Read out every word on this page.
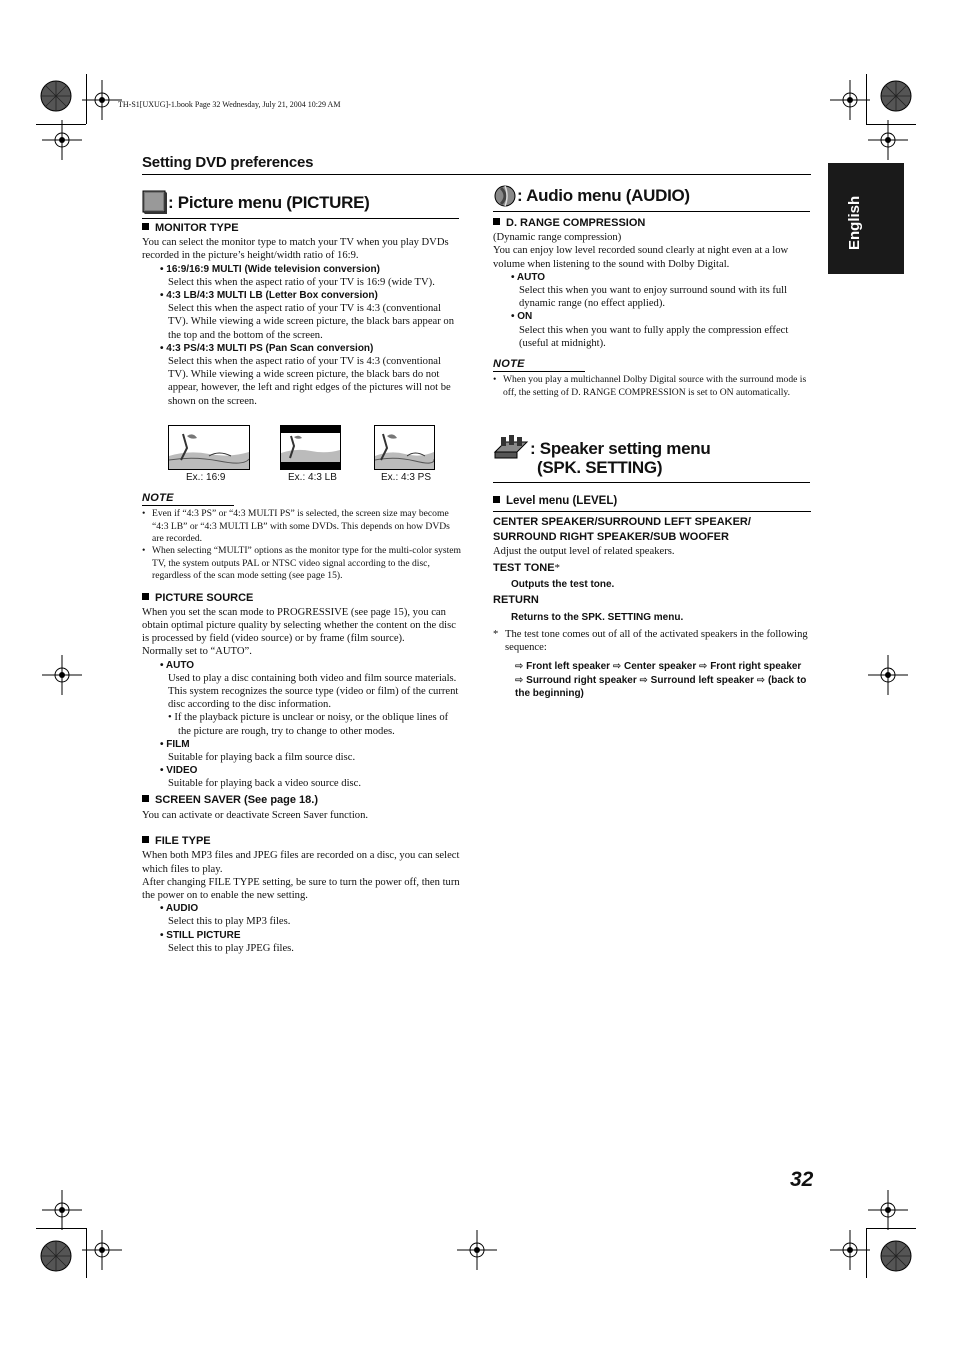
TH-S1[UXUG]-1.book Page 32 Wednesday, July 21, 2004 10:29 AM
Setting DVD preferences
English
: Picture menu (PICTURE)

MONITOR TYPE

You can select the monitor type to match your TV when you play DVDs recorded in the picture’s height/width ratio of 16:9.

• 16:9/16:9 MULTI (Wide television conversion)

Select this when the aspect ratio of your TV is 16:9 (wide TV).

• 4:3 LB/4:3 MULTI LB (Letter Box conversion)

Select this when the aspect ratio of your TV is 4:3 (conventional TV). While viewing a wide screen picture, the black bars appear on the top and the bottom of the screen.

• 4:3 PS/4:3 MULTI PS (Pan Scan conversion)

Select this when the aspect ratio of your TV is 4:3 (conventional TV). While viewing a wide screen picture, the black bars do not appear, however, the left and right edges of the pictures will not be shown on the screen.

Ex.: 16:9	Ex.: 4:3 LB	Ex.: 4:3 PS

NOTE

• Even if “4:3 PS” or “4:3 MULTI PS” is selected, the screen size may become “4:3 LB” or “4:3 MULTI LB” with some DVDs. This depends on how DVDs are recorded.

• When selecting “MULTI” options as the monitor type for the multi-color system TV, the system outputs PAL or NTSC video signal according to the disc, regardless of the scan mode setting (see page 15).

PICTURE SOURCE

When you set the scan mode to PROGRESSIVE (see page 15), you can obtain optimal picture quality by selecting whether the content on the disc is processed by field (video source) or by frame (film source).

Normally set to “AUTO”.

• AUTO

Used to play a disc containing both video and film source materials.

This system recognizes the source type (video or film) of the current disc according to the disc information.

• If the playback picture is unclear or noisy, or the oblique lines of the picture are rough, try to change to other modes.

• FILM

Suitable for playing back a film source disc.

• VIDEO

Suitable for playing back a video source disc.

SCREEN SAVER (See page 18.)

You can activate or deactivate Screen Saver function.

FILE TYPE

When both MP3 files and JPEG files are recorded on a disc, you can select which files to play.

After changing FILE TYPE setting, be sure to turn the power off, then turn the power on to enable the new setting.

• AUDIO

Select this to play MP3 files.

• STILL PICTURE

Select this to play JPEG files.

: Audio menu (AUDIO)

D. RANGE COMPRESSION

(Dynamic range compression)

You can enjoy low level recorded sound clearly at night even at a low volume when listening to the sound with Dolby Digital.

• AUTO

Select this when you want to enjoy surround sound with its full dynamic range (no effect applied).

• ON

Select this when you want to fully apply the compression effect (useful at midnight).

NOTE

• When you play a multichannel Dolby Digital source with the surround mode is off, the setting of D. RANGE COMPRESSION is set to ON automatically.

: Speaker setting menu
(SPK. SETTING)

Level menu (LEVEL)

CENTER SPEAKER/SURROUND LEFT SPEAKER/

SURROUND RIGHT SPEAKER/SUB WOOFER

Adjust the output level of related speakers.

TEST TONE*

Outputs the test tone.

RETURN

Returns to the SPK. SETTING menu.

* The test tone comes out of all of the activated speakers in the following sequence:

⇨ Front left speaker ⇨ Center speaker ⇨ Front right speaker ⇨ Surround right speaker ⇨ Surround left speaker ⇨ (back to the beginning)

32
